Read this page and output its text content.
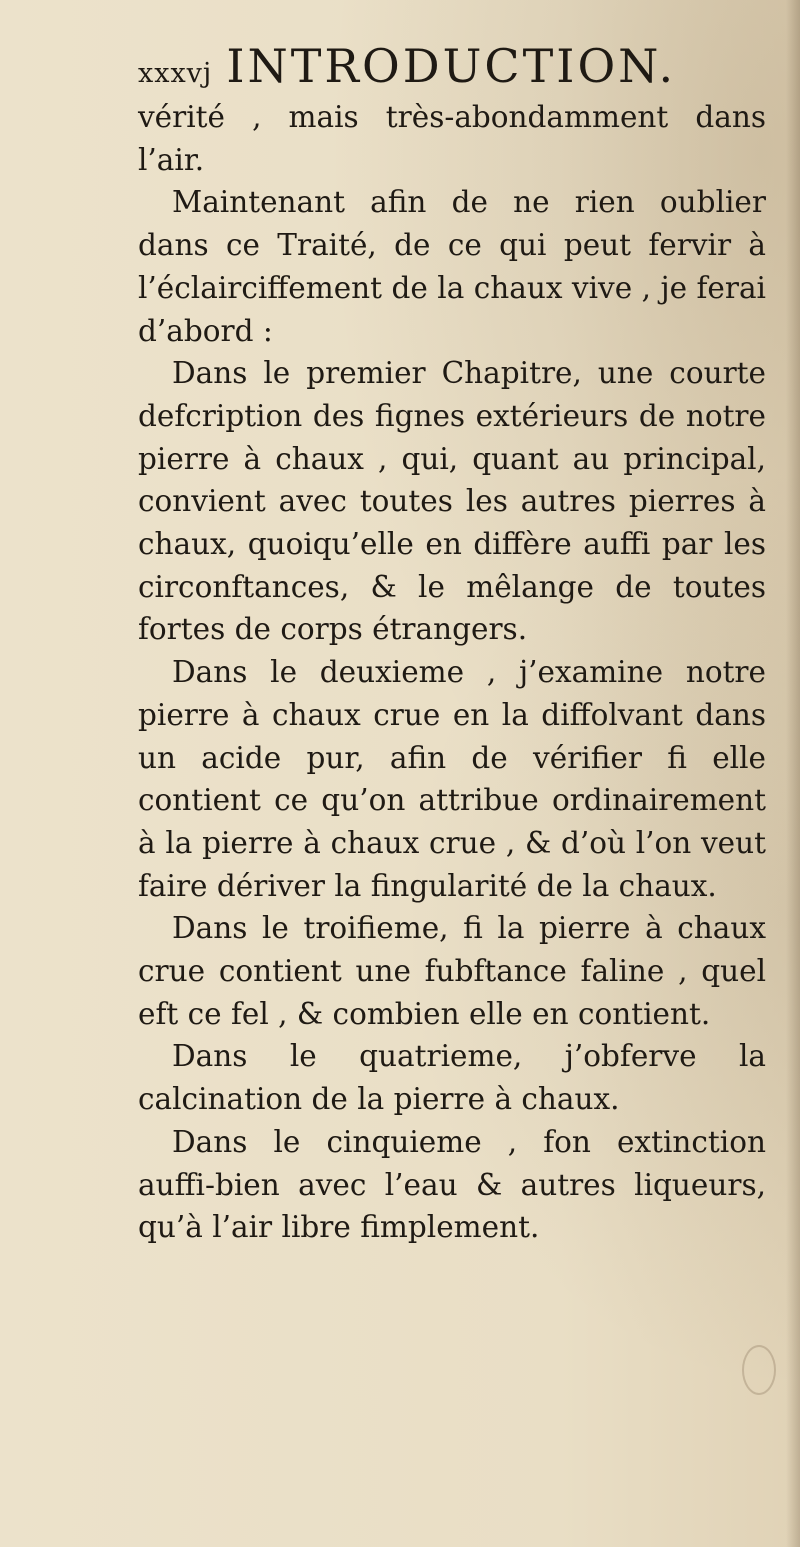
xxxvj INTRODUCTION.

vérité , mais très-abondamment dans l’air.

Maintenant afin de ne rien oublier dans ce Traité, de ce qui peut fervir à l’éclairciffement de la chaux vive , je ferai d’abord :

Dans le premier Chapitre, une courte defcription des fignes extérieurs de notre pierre à chaux , qui, quant au principal, convient avec toutes les autres pierres à chaux, quoiqu’elle en diffère auffi par les circonftances, & le mêlange de toutes fortes de corps étrangers.

Dans le deuxieme , j’examine notre pierre à chaux crue en la diffolvant dans un acide pur, afin de vérifier fi elle contient ce qu’on attribue ordinairement à la pierre à chaux crue , & d’où l’on veut faire dériver la fingularité de la chaux.

Dans le troifieme, fi la pierre à chaux crue contient une fubftance faline , quel eft ce fel , & combien elle en contient.

Dans le quatrieme, j’obferve la calcination de la pierre à chaux.

Dans le cinquieme , fon extinction auffi-bien avec l’eau & autres liqueurs, qu’à l’air libre fimplement.
